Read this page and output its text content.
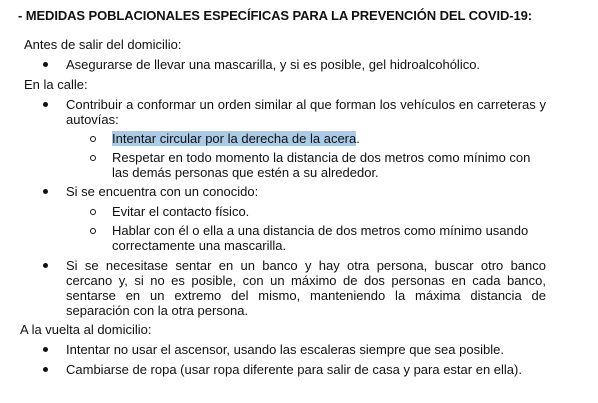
- MEDIDAS POBLACIONALES ESPECÍFICAS PARA LA PREVENCIÓN DEL COVID-19:
Antes de salir del domicilio:
Asegurarse de llevar una mascarilla, y si es posible, gel hidroalcohólico.
En la calle:
Contribuir a conformar un orden similar al que forman los vehículos en carreteras y autovías:
Intentar circular por la derecha de la acera.
Respetar en todo momento la distancia de dos metros como mínimo con las demás personas que estén a su alrededor.
Si se encuentra con un conocido:
Evitar el contacto físico.
Hablar con él o ella a una distancia de dos metros como mínimo usando correctamente una mascarilla.
Si se necesitase sentar en un banco y hay otra persona, buscar otro banco cercano y, si no es posible, con un máximo de dos personas en cada banco, sentarse en un extremo del mismo, manteniendo la máxima distancia de separación con la otra persona.
A la vuelta al domicilio:
Intentar no usar el ascensor, usando las escaleras siempre que sea posible.
Cambiarse de ropa (usar ropa diferente para salir de casa y para estar en ella).
